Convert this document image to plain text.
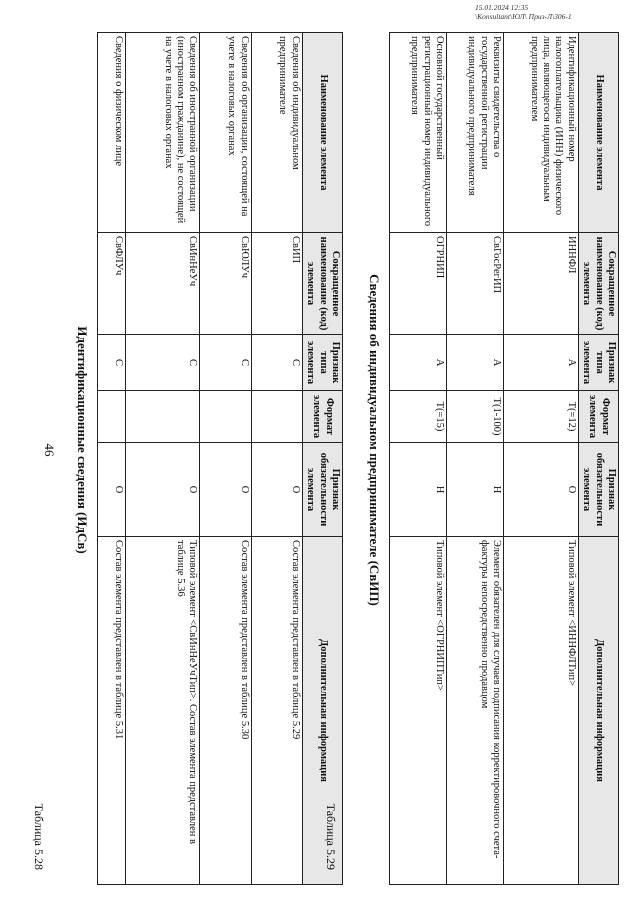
46
Таблица 5.28
Идентификационные сведения (ИдСв)
Наименование элемента	Сокращенное наименование (код) элемента	Признак типа элемента	Формат элемента	Признак обязательности элемента	Дополнительная информация
Сведения об индивидуальном предпринимателе	СвИП	С		О	Состав элемента представлен в таблице 5.29
Сведения об организации, состоящей на учете в налоговых органах	СвЮЛУч	С		О	Состав элемента представлен в таблице 5.30
Сведения об иностранной организации (иностранном гражданине), не состоящей на учете в налоговых органах	СвИнНеУч	С		О	Типовой элемент <СвИнНеУчТип>. Состав элемента представлен в таблице 5.36
Сведения о физическом лице	СвФЛУч	С		О	Состав элемента представлен в таблице 5.31
Таблица 5.29
Сведения об индивидуальном предпринимателе (СвИП)
Наименование элемента	Сокращенное наименование (код) элемента	Признак типа элемента	Формат элемента	Признак обязательности элемента	Дополнительная информация
Идентификационный номер налогоплательщика (ИНН) физического лица, являющегося индивидуальным предпринимателем	ИННФЛ	А	Т(=12)	О	Типовой элемент <ИННФЛТип>
Реквизиты свидетельства о государственной регистрации индивидуального предпринимателя	СвГосРегИП	А	Т(1-100)	Н	Элемент обязателен для случаев подписания корректировочного счета-фактуры непосредственно продавцом
Основной государственный регистрационный номер индивидуального предпринимателя	ОГРНИП	А	Т(=15)	Н	Типовой элемент <ОГРНИПТип>
15.01.2024 12:35
\Konsultant\ЮЛ\ Приз-Л\306-1
